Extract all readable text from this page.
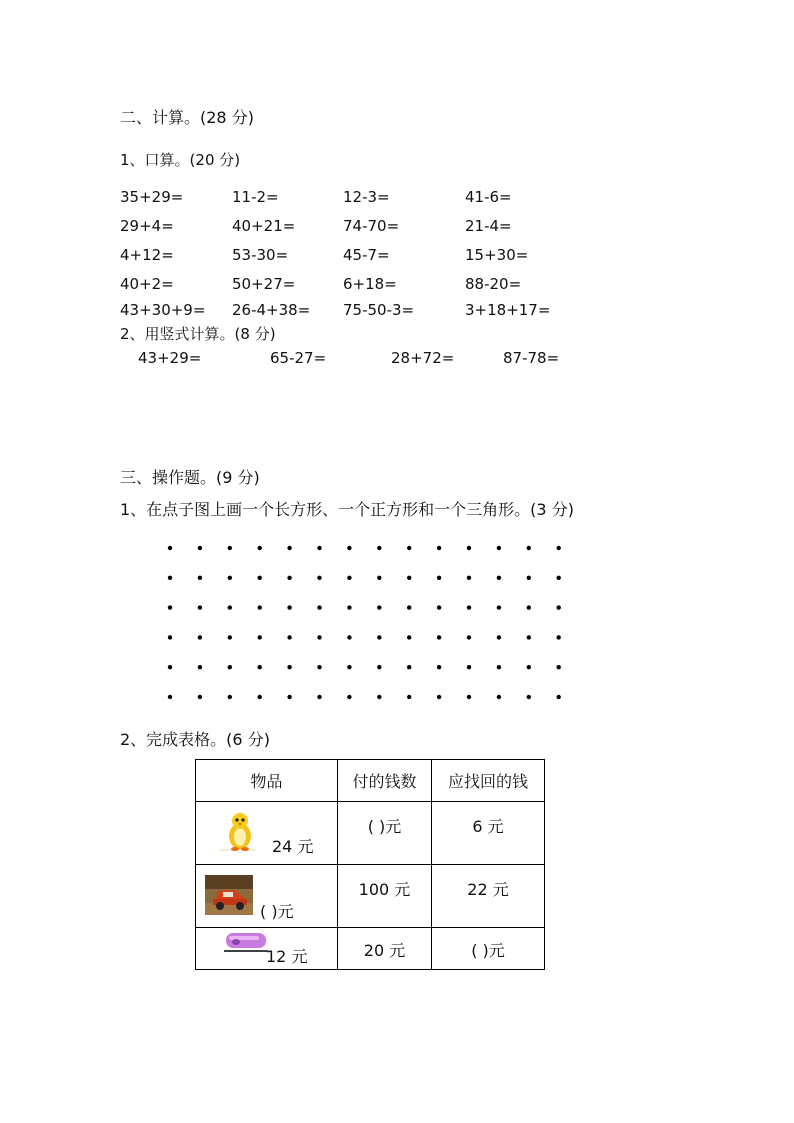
二、计算。(28 分)
1、口算。(20 分)
35+29=	11-2=	12-3=	41-6=
29+4=	40+21=	74-70=	21-4=
4+12=	53-30=	45-7=	15+30=
40+2=	50+27=	6+18=	88-20=
43+30+9= 26-4+38= 75-50-3=	3+18+17=
2、用竖式计算。(8 分)
43+29=	65-27=	28+72=	87-78=
三、操作题。(9 分)
1、在点子图上画一个长方形、一个正方形和一个三角形。(3 分)
2、完成表格。(6 分)
物品	付的钱数	应找回的钱

24 元	( )元	6 元

( )元	100 元	22 元

12 元	20 元	( )元
